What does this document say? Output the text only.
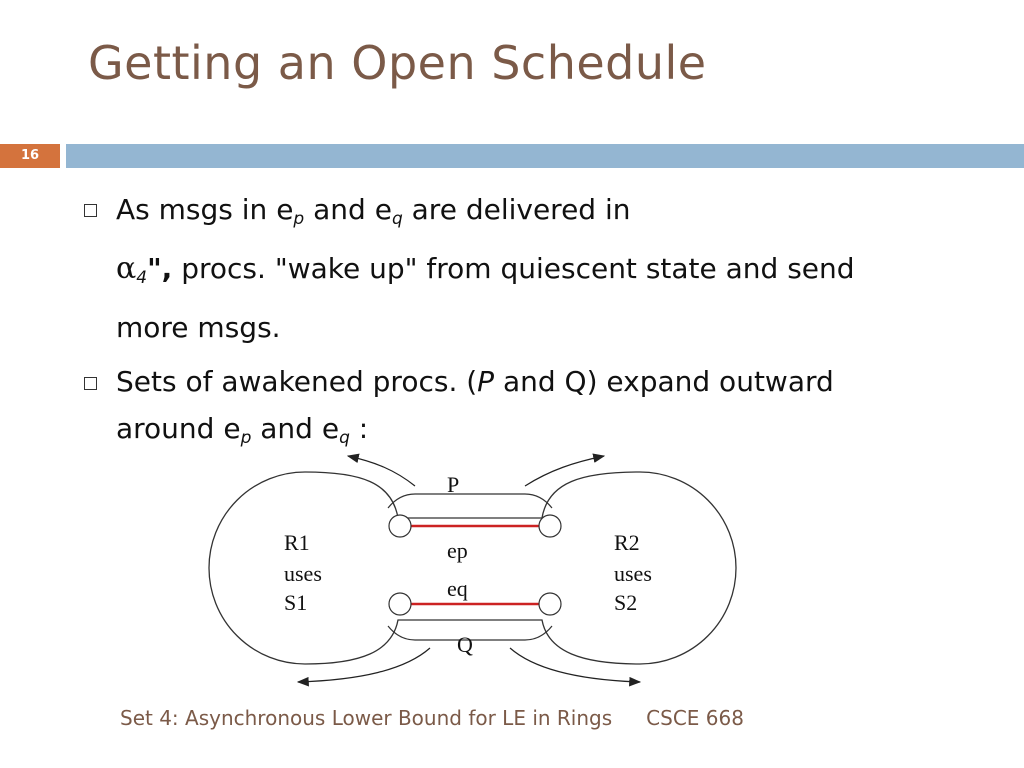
Getting an Open Schedule
16
As msgs in $e_p$ and $e_q$ are delivered in
$\alpha_4$", procs. "wake up" from quiescent state and send more msgs.
Sets of awakened procs. (P and Q) expand outward around $e_p$ and $e_q$ :
P
ep
eq
Q
R1
uses
S1
R2
uses
S2
Set 4: Asynchronous Lower Bound for LE in Rings CSCE 668
